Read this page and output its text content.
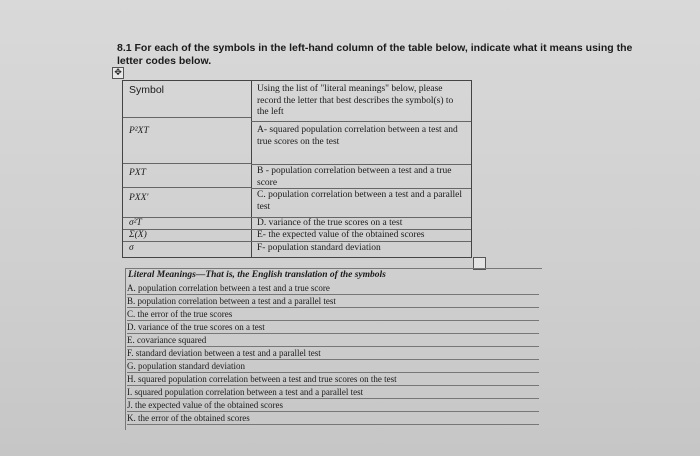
8.1 For each of the symbols in the left-hand column of the table below, indicate what it means using the letter codes below.
✥
Symbol	Using the list of "literal meanings" below, please record the letter that best describes the symbol(s) to the left
P²XT
PXT
PXX'
σ²T
Σ(X)
σ
A- squared population correlation between a test and true scores on the test
B - population correlation between a test and a true score
C. population correlation between a test and a parallel test
D. variance of the true scores on a test
E- the expected value of the obtained scores
F- population standard deviation
Literal Meanings—That is, the English translation of the symbols
A. population correlation between a test and a true score
B. population correlation between a test and a parallel test
C. the error of the true scores
D. variance of the true scores on a test
E. covariance squared
F. standard deviation between a test and a parallel test
G. population standard deviation
H. squared population correlation between a test and true scores on the test
I. squared population correlation between a test and a parallel test
J. the expected value of the obtained scores
K. the error of the obtained scores
